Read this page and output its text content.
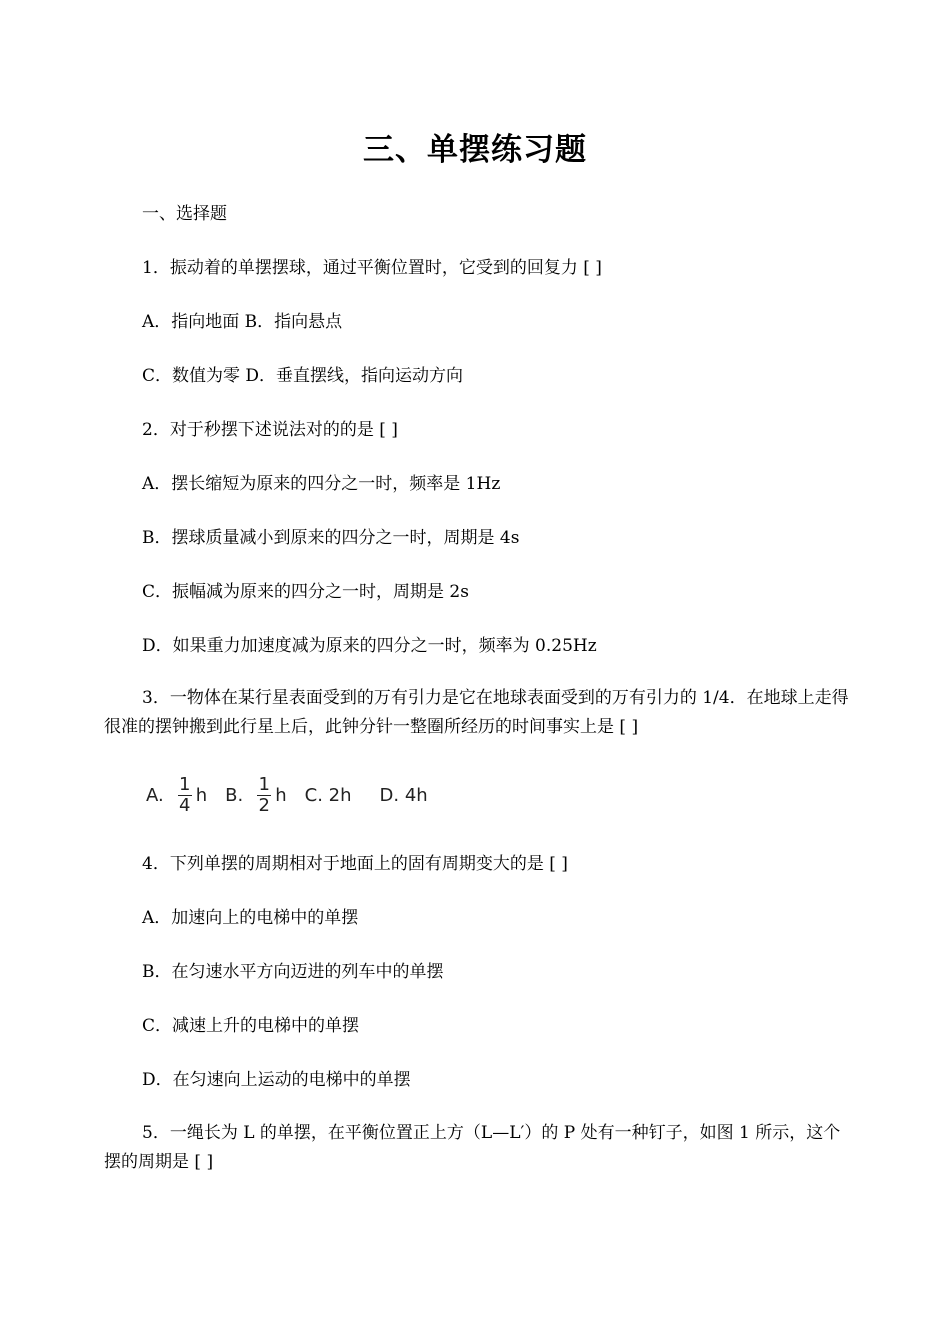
三、单摆练习题
一、选择题
1．振动着的单摆摆球，通过平衡位置时，它受到的回复力 [ ]
A．指向地面 B．指向悬点
C．数值为零 D．垂直摆线，指向运动方向
2．对于秒摆下述说法对的的是 [ ]
A．摆长缩短为原来的四分之一时，频率是 1Hz
B．摆球质量减小到原来的四分之一时，周期是 4s
C．振幅减为原来的四分之一时，周期是 2s
D．如果重力加速度减为原来的四分之一时，频率为 0.25Hz
3．一物体在某行星表面受到的万有引力是它在地球表面受到的万有引力的 1/4．在地球上走得很准的摆钟搬到此行星上后，此钟分针一整圈所经历的时间事实上是 [ ]
A. $\frac{1}{4}$ h B. $\frac{1}{2}$ h C. 2h D. 4h
4．下列单摆的周期相对于地面上的固有周期变大的是 [ ]
A．加速向上的电梯中的单摆
B．在匀速水平方向迈进的列车中的单摆
C．减速上升的电梯中的单摆
D．在匀速向上运动的电梯中的单摆
5．一绳长为 L 的单摆，在平衡位置正上方（L—L′）的 P 处有一种钉子，如图 1 所示，这个摆的周期是 [ ]
